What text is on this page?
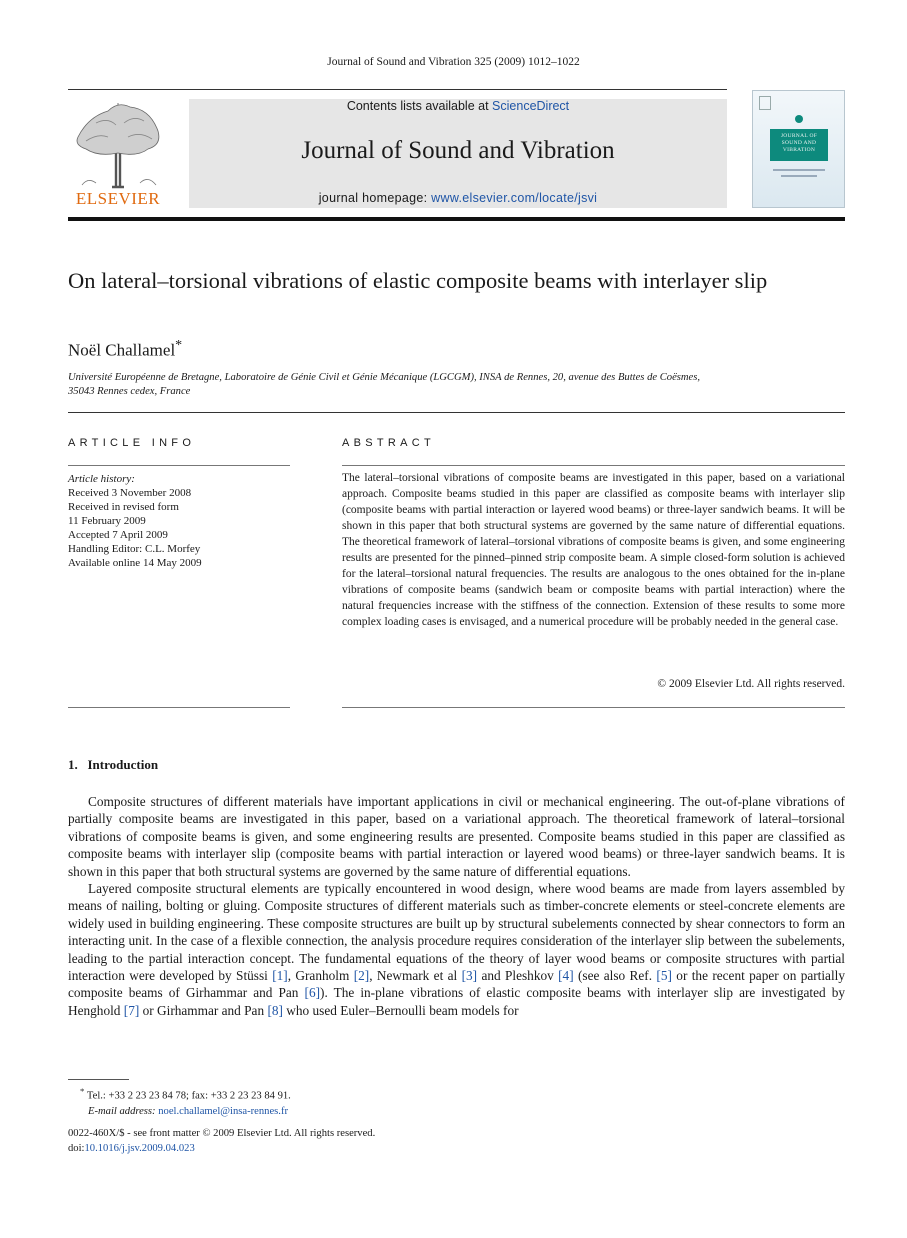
Journal of Sound and Vibration 325 (2009) 1012–1022
ELSEVIER
Contents lists available at ScienceDirect
Journal of Sound and Vibration
journal homepage: www.elsevier.com/locate/jsvi
JOURNAL OF SOUND AND VIBRATION
On lateral–torsional vibrations of elastic composite beams with interlayer slip
Noël Challamel*
Université Européenne de Bretagne, Laboratoire de Génie Civil et Génie Mécanique (LGCGM), INSA de Rennes, 20, avenue des Buttes de Coësmes,
35043 Rennes cedex, France
ARTICLE INFO
Article history:
Received 3 November 2008
Received in revised form
11 February 2009
Accepted 7 April 2009
Handling Editor: C.L. Morfey
Available online 14 May 2009
ABSTRACT
The lateral–torsional vibrations of composite beams are investigated in this paper, based on a variational approach. Composite beams studied in this paper are classified as composite beams with interlayer slip (composite beams with partial interaction or layered wood beams) or three-layer sandwich beams. It will be shown in this paper that both structural systems are governed by the same nature of differential equations. The theoretical framework of lateral–torsional vibrations of composite beams is given, and some engineering results are presented for the pinned–pinned strip composite beam. A simple closed-form solution is achieved for the lateral–torsional natural frequencies. The results are analogous to the ones obtained for the in-plane vibrations of composite beams (sandwich beam or composite beams with partial interaction) where the natural frequencies increase with the stiffness of the connection. Extension of these results to some more complex loading cases is envisaged, and a numerical procedure will be probably needed in the general case.
© 2009 Elsevier Ltd. All rights reserved.
1.   Introduction

Composite structures of different materials have important applications in civil or mechanical engineering. The out-of-plane vibrations of partially composite beams are investigated in this paper, based on a variational approach. The theoretical framework of lateral–torsional vibrations of composite beams is given, and some engineering results are presented. Composite beams studied in this paper are classified as composite beams with interlayer slip (composite beams with partial interaction or layered wood beams) or three-layer sandwich beams. It is shown in this paper that both structural systems are governed by the same nature of differential equations.

Layered composite structural elements are typically encountered in wood design, where wood beams are made from layers assembled by means of nailing, bolting or gluing. Composite structures of different materials such as timber-concrete elements or steel-concrete elements are widely used in building engineering. These composite structures are built up by structural subelements connected by shear connectors to form an interacting unit. In the case of a flexible connection, the analysis procedure requires consideration of the interlayer slip between the subelements, leading to the partial interaction concept. The fundamental equations of the theory of layer wood beams or composite structures with partial interaction were developed by Stüssi [1], Granholm [2], Newmark et al [3] and Pleshkov [4] (see also Ref. [5] or the recent paper on partially composite beams of Girhammar and Pan [6]). The in-plane vibrations of elastic composite beams with interlayer slip are investigated by Henghold [7] or Girhammar and Pan [8] who used Euler–Bernoulli beam models for

* Tel.: +33 2 23 23 84 78; fax: +33 2 23 23 84 91.
E-mail address: noel.challamel@insa-rennes.fr
0022-460X/$ - see front matter © 2009 Elsevier Ltd. All rights reserved.
doi:10.1016/j.jsv.2009.04.023
